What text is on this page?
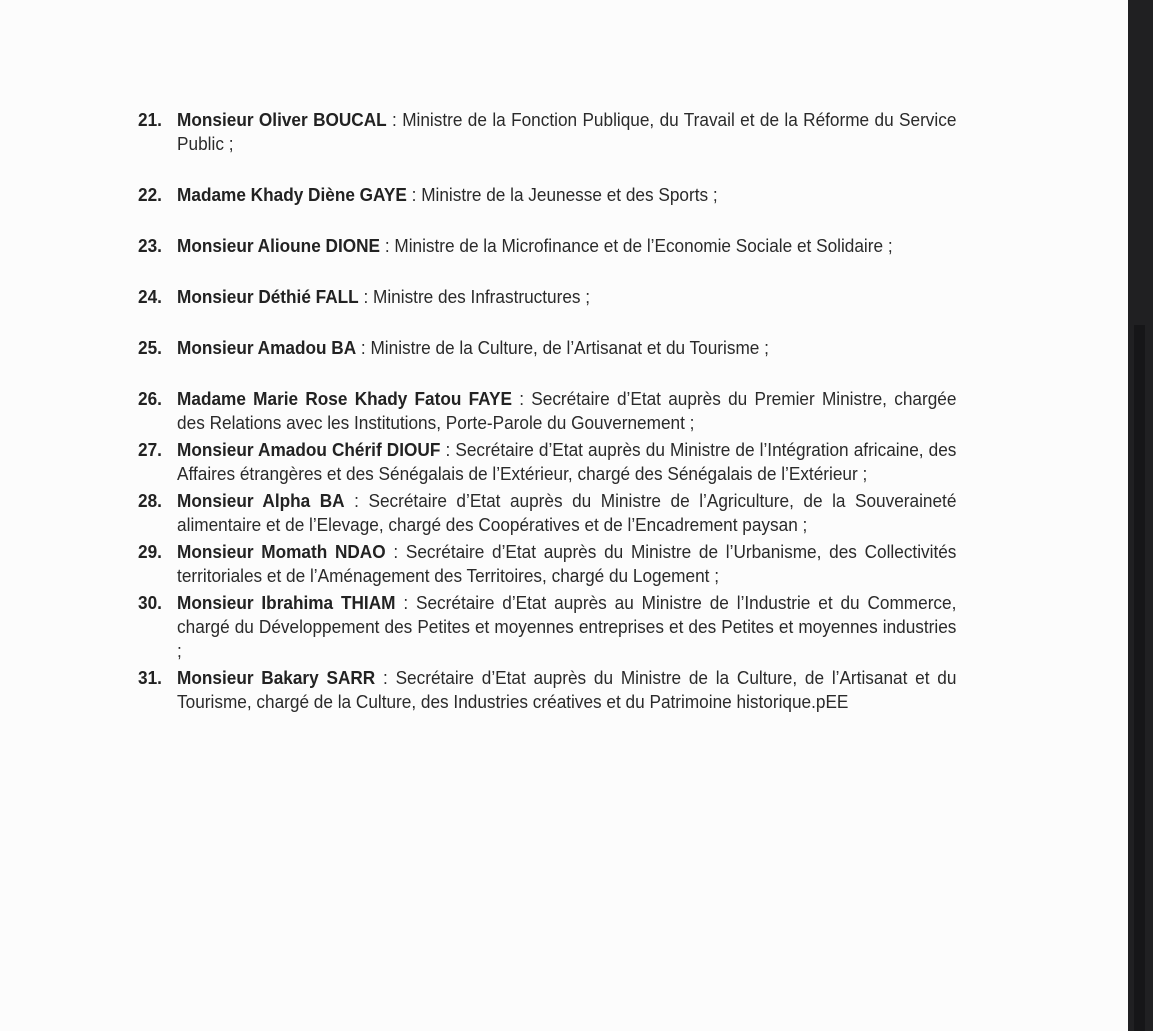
21. Monsieur Oliver BOUCAL : Ministre de la Fonction Publique, du Travail et de la Réforme du Service Public ;
22. Madame Khady Diène GAYE : Ministre de la Jeunesse et des Sports ;
23. Monsieur Alioune DIONE : Ministre de la Microfinance et de l’Economie Sociale et Solidaire ;
24. Monsieur Déthié FALL : Ministre des Infrastructures ;
25. Monsieur Amadou BA : Ministre de la Culture, de l’Artisanat et du Tourisme ;
26. Madame Marie Rose Khady Fatou FAYE : Secrétaire d’Etat auprès du Premier Ministre, chargée des Relations avec les Institutions, Porte-Parole du Gouvernement ;
27. Monsieur Amadou Chérif DIOUF : Secrétaire d’Etat auprès du Ministre de l’Intégration africaine, des Affaires étrangères et des Sénégalais de l’Extérieur, chargé des Sénégalais de l’Extérieur ;
28. Monsieur Alpha BA : Secrétaire d’Etat auprès du Ministre de l’Agriculture, de la Souveraineté alimentaire et de l’Elevage, chargé des Coopératives et de l’Encadrement paysan ;
29. Monsieur Momath NDAO : Secrétaire d’Etat auprès du Ministre de l’Urbanisme, des Collectivités territoriales et de l’Aménagement des Territoires, chargé du Logement ;
30. Monsieur Ibrahima THIAM : Secrétaire d’Etat auprès au Ministre de l’Industrie et du Commerce, chargé du Développement des Petites et moyennes entreprises et des Petites et moyennes industries ;
31. Monsieur Bakary SARR : Secrétaire d’Etat auprès du Ministre de la Culture, de l’Artisanat et du Tourisme, chargé de la Culture, des Industries créatives et du Patrimoine historique.pEE
